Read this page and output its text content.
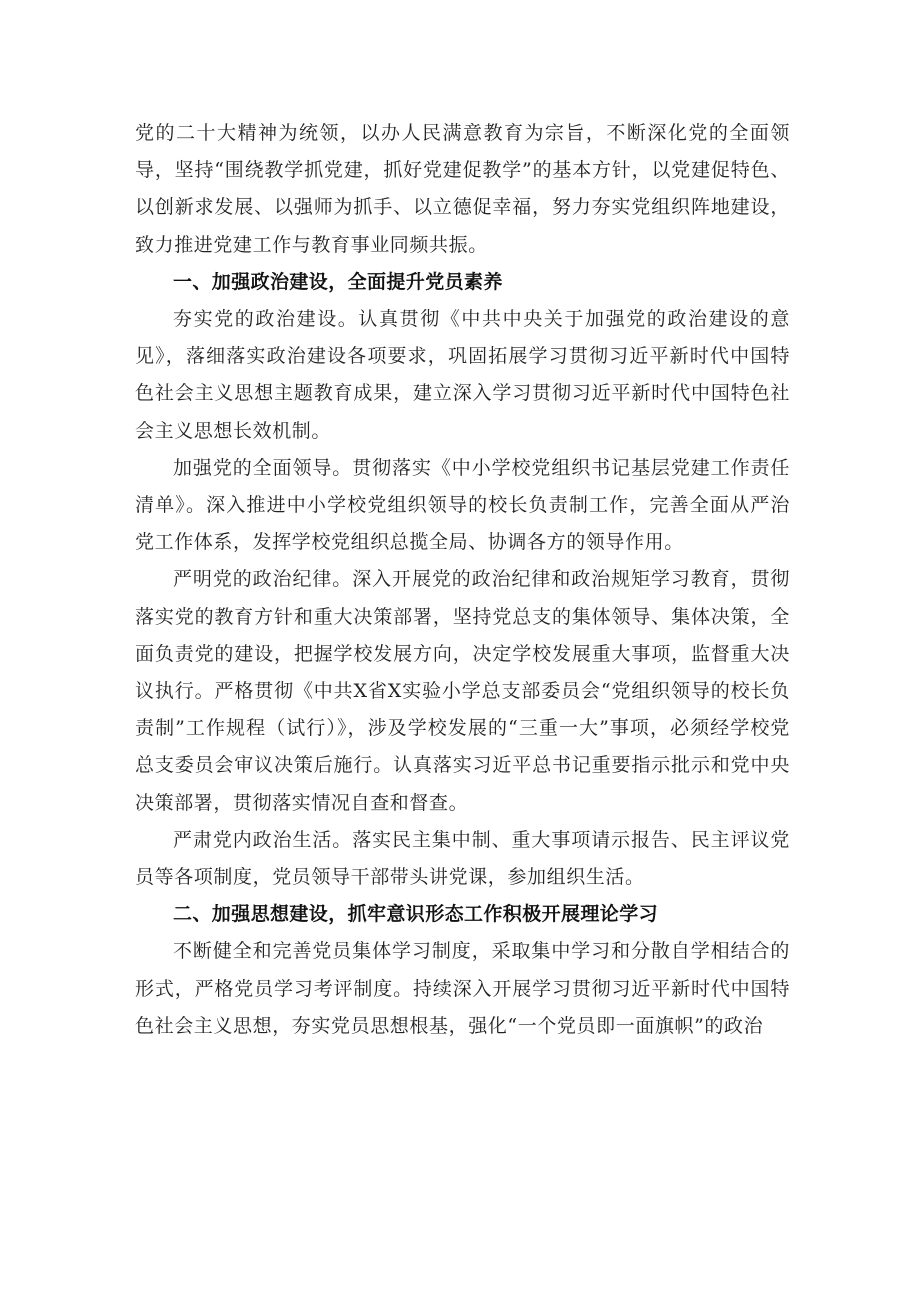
党的二十大精神为统领，以办人民满意教育为宗旨，不断深化党的全面领导，坚持“围绕教学抓党建，抓好党建促教学”的基本方针，以党建促特色、以创新求发展、以强师为抓手、以立德促幸福，努力夯实党组织阵地建设，致力推进党建工作与教育事业同频共振。

一、加强政治建设，全面提升党员素养

夯实党的政治建设。认真贯彻《中共中央关于加强党的政治建设的意见》，落细落实政治建设各项要求，巩固拓展学习贯彻习近平新时代中国特色社会主义思想主题教育成果，建立深入学习贯彻习近平新时代中国特色社会主义思想长效机制。

加强党的全面领导。贯彻落实《中小学校党组织书记基层党建工作责任清单》。深入推进中小学校党组织领导的校长负责制工作，完善全面从严治党工作体系，发挥学校党组织总揽全局、协调各方的领导作用。

严明党的政治纪律。深入开展党的政治纪律和政治规矩学习教育，贯彻落实党的教育方针和重大决策部署，坚持党总支的集体领导、集体决策，全面负责党的建设，把握学校发展方向，决定学校发展重大事项，监督重大决议执行。严格贯彻《中共X省X实验小学总支部委员会“党组织领导的校长负责制”工作规程（试行）》，涉及学校发展的“三重一大”事项，必须经学校党总支委员会审议决策后施行。认真落实习近平总书记重要指示批示和党中央决策部署，贯彻落实情况自查和督查。

严肃党内政治生活。落实民主集中制、重大事项请示报告、民主评议党员等各项制度，党员领导干部带头讲党课，参加组织生活。

二、加强思想建设，抓牢意识形态工作积极开展理论学习

不断健全和完善党员集体学习制度，采取集中学习和分散自学相结合的形式，严格党员学习考评制度。持续深入开展学习贯彻习近平新时代中国特色社会主义思想，夯实党员思想根基，强化“一个党员即一面旗帜”的政治
